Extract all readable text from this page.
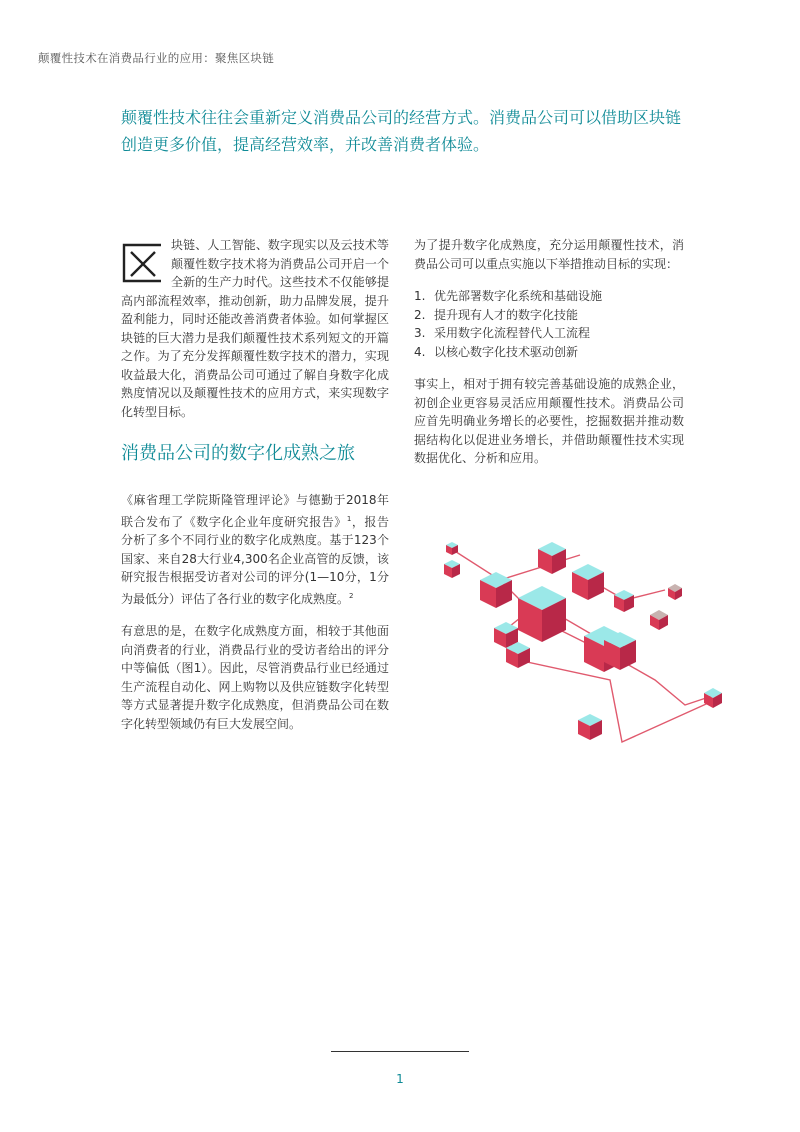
颠覆性技术在消费品行业的应用：聚焦区块链

颠覆性技术往往会重新定义消费品公司的经营方式。消费品公司可以借助区块链创造更多价值，提高经营效率，并改善消费者体验。

块链、人工智能、数字现实以及云技术等颠覆性数字技术将为消费品公司开启一个全新的生产力时代。这些技术不仅能够提高内部流程效率，推动创新，助力品牌发展，提升盈利能力，同时还能改善消费者体验。如何掌握区块链的巨大潜力是我们颠覆性技术系列短文的开篇之作。为了充分发挥颠覆性数字技术的潜力，实现收益最大化，消费品公司可通过了解自身数字化成熟度情况以及颠覆性技术的应用方式，来实现数字化转型目标。

消费品公司的数字化成熟之旅

《麻省理工学院斯隆管理评论》与德勤于2018年联合发布了《数字化企业年度研究报告》$^1$，报告分析了多个不同行业的数字化成熟度。基于123个国家、来自28大行业4,300名企业高管的反馈，该研究报告根据受访者对公司的评分(1—10分，1分为最低分）评估了各行业的数字化成熟度。$^2$

有意思的是，在数字化成熟度方面，相较于其他面向消费者的行业，消费品行业的受访者给出的评分中等偏低（图1）。因此，尽管消费品行业已经通过生产流程自动化、网上购物以及供应链数字化转型等方式显著提升数字化成熟度，但消费品公司在数字化转型领域仍有巨大发展空间。

为了提升数字化成熟度，充分运用颠覆性技术，消费品公司可以重点实施以下举措推动目标的实现：

1. 优先部署数字化系统和基础设施
2. 提升现有人才的数字化技能
3. 采用数字化流程替代人工流程
4. 以核心数字化技术驱动创新

事实上，相对于拥有较完善基础设施的成熟企业，初创企业更容易灵活应用颠覆性技术。消费品公司应首先明确业务增长的必要性，挖掘数据并推动数据结构化以促进业务增长，并借助颠覆性技术实现数据优化、分析和应用。

1
